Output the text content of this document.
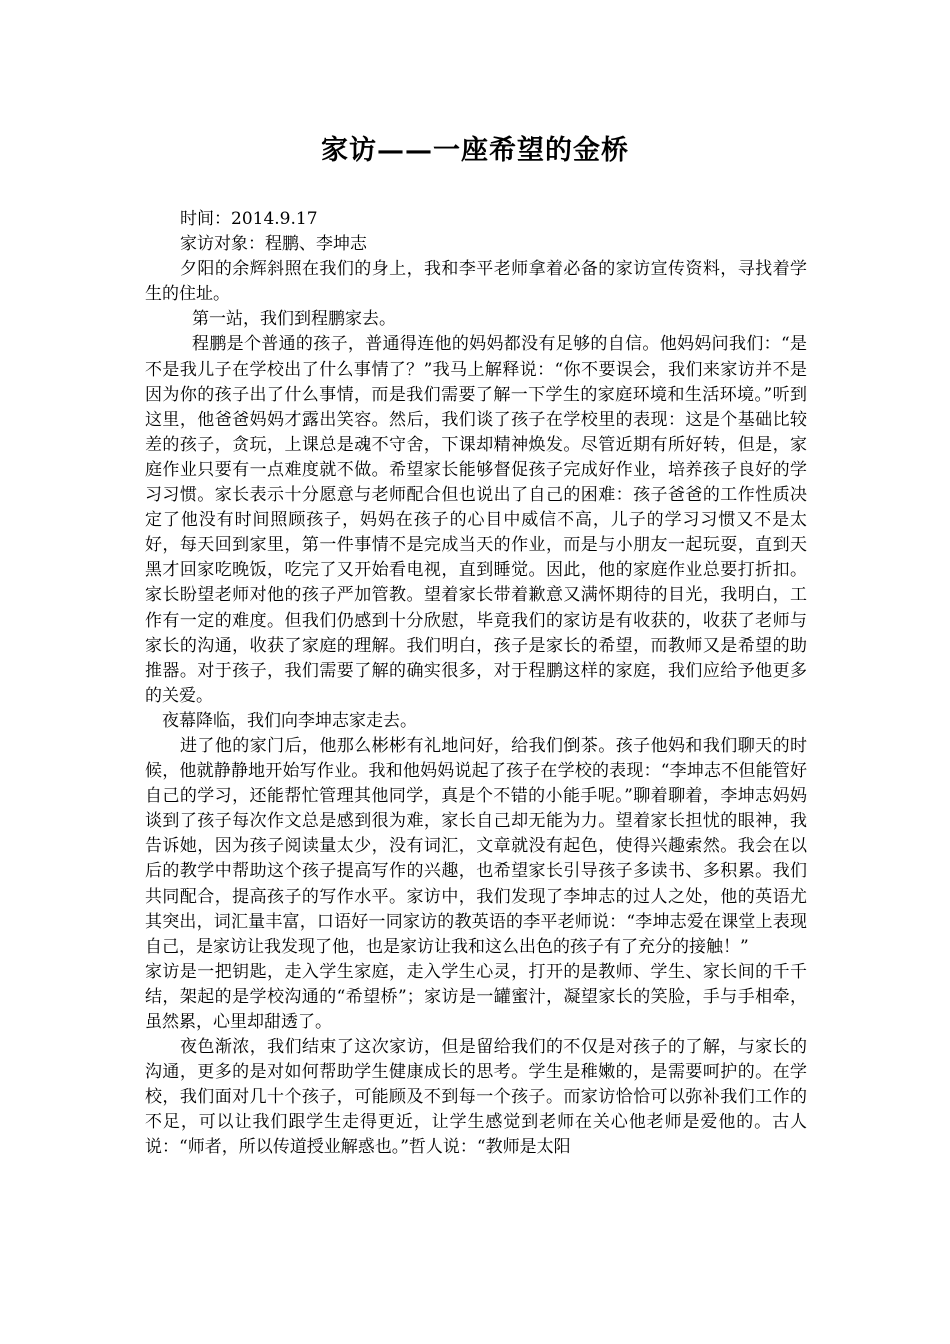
家访——一座希望的金桥

时间：2014.9.17

家访对象：程鹏、李坤志

夕阳的余辉斜照在我们的身上，我和李平老师拿着必备的家访宣传资料，寻找着学生的住址。

第一站，我们到程鹏家去。

程鹏是个普通的孩子，普通得连他的妈妈都没有足够的自信。他妈妈问我们：“是不是我儿子在学校出了什么事情了？”我马上解释说：“你不要误会，我们来家访并不是因为你的孩子出了什么事情，而是我们需要了解一下学生的家庭环境和生活环境。”听到这里，他爸爸妈妈才露出笑容。然后，我们谈了孩子在学校里的表现：这是个基础比较差的孩子，贪玩，上课总是魂不守舍，下课却精神焕发。尽管近期有所好转，但是，家庭作业只要有一点难度就不做。希望家长能够督促孩子完成好作业，培养孩子良好的学习习惯。家长表示十分愿意与老师配合但也说出了自己的困难：孩子爸爸的工作性质决定了他没有时间照顾孩子，妈妈在孩子的心目中威信不高，儿子的学习习惯又不是太好，每天回到家里，第一件事情不是完成当天的作业，而是与小朋友一起玩耍，直到天黑才回家吃晚饭，吃完了又开始看电视，直到睡觉。因此，他的家庭作业总要打折扣。家长盼望老师对他的孩子严加管教。望着家长带着歉意又满怀期待的目光，我明白，工作有一定的难度。但我们仍感到十分欣慰，毕竟我们的家访是有收获的，收获了老师与家长的沟通，收获了家庭的理解。我们明白，孩子是家长的希望，而教师又是希望的助推器。对于孩子，我们需要了解的确实很多，对于程鹏这样的家庭，我们应给予他更多的关爱。

夜幕降临，我们向李坤志家走去。

进了他的家门后，他那么彬彬有礼地问好，给我们倒茶。孩子他妈和我们聊天的时候，他就静静地开始写作业。我和他妈妈说起了孩子在学校的表现：“李坤志不但能管好自己的学习，还能帮忙管理其他同学，真是个不错的小能手呢。”聊着聊着，李坤志妈妈谈到了孩子每次作文总是感到很为难，家长自己却无能为力。望着家长担忧的眼神，我告诉她，因为孩子阅读量太少，没有词汇，文章就没有起色，使得兴趣索然。我会在以后的教学中帮助这个孩子提高写作的兴趣，也希望家长引导孩子多读书、多积累。我们共同配合，提高孩子的写作水平。家访中，我们发现了李坤志的过人之处，他的英语尤其突出，词汇量丰富，口语好一同家访的教英语的李平老师说：“李坤志爱在课堂上表现自己，是家访让我发现了他，也是家访让我和这么出色的孩子有了充分的接触！”

家访是一把钥匙，走入学生家庭，走入学生心灵，打开的是教师、学生、家长间的千千结，架起的是学校沟通的“希望桥”；家访是一罐蜜汁，凝望家长的笑脸，手与手相牵，虽然累，心里却甜透了。

夜色渐浓，我们结束了这次家访，但是留给我们的不仅是对孩子的了解，与家长的沟通，更多的是对如何帮助学生健康成长的思考。学生是稚嫩的，是需要呵护的。在学校，我们面对几十个孩子，可能顾及不到每一个孩子。而家访恰恰可以弥补我们工作的不足，可以让我们跟学生走得更近，让学生感觉到老师在关心他老师是爱他的。古人说：“师者，所以传道授业解惑也。”哲人说：“教师是太阳
